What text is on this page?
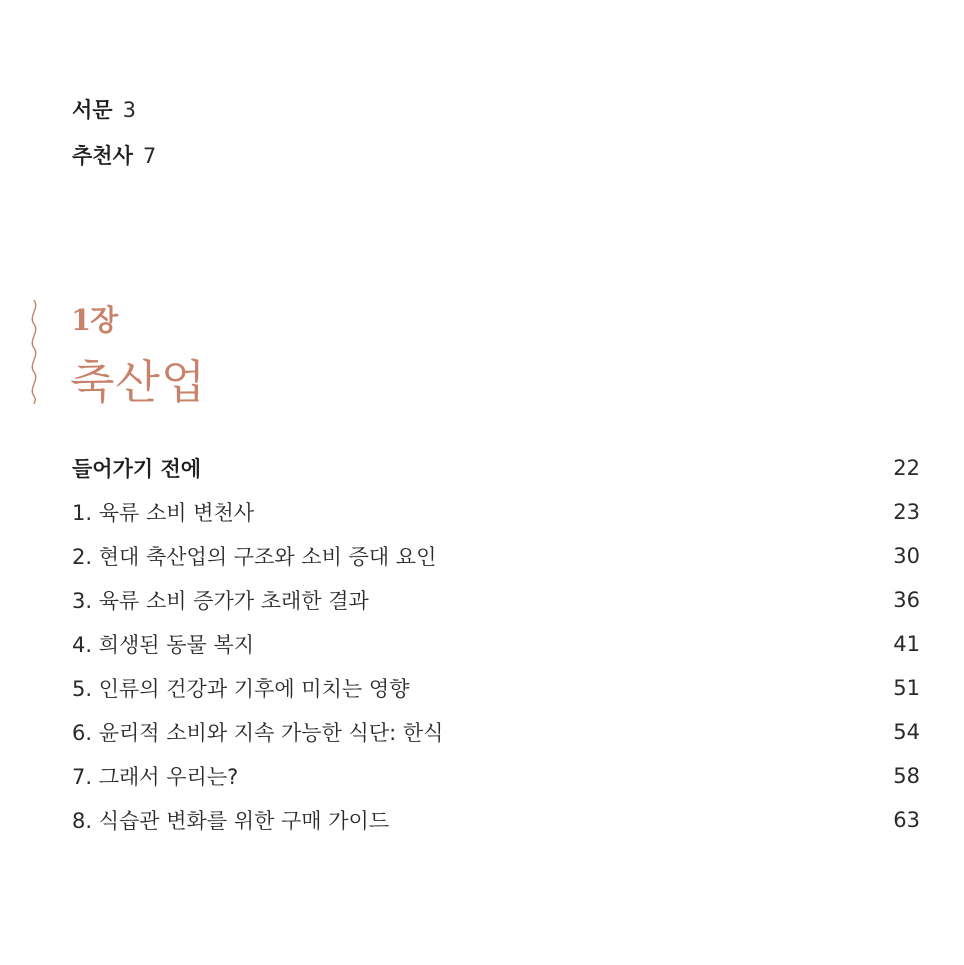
서문 3
추천사 7
1장
축산업
들어가기 전에	22
1. 육류 소비 변천사	23
2. 현대 축산업의 구조와 소비 증대 요인	30
3. 육류 소비 증가가 초래한 결과	36
4. 희생된 동물 복지	41
5. 인류의 건강과 기후에 미치는 영향	51
6. 윤리적 소비와 지속 가능한 식단: 한식	54
7. 그래서 우리는?	58
8. 식습관 변화를 위한 구매 가이드	63
